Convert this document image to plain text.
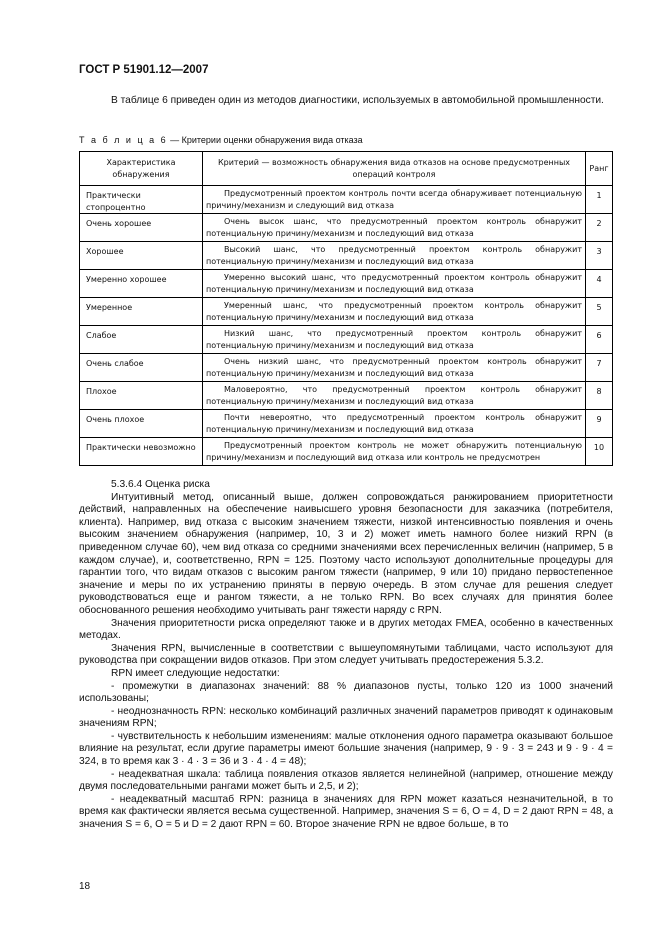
ГОСТ Р 51901.12—2007
В таблице 6 приведен один из методов диагностики, используемых в автомобильной промышленности.
Т а б л и ц а 6 — Критерии оценки обнаружения вида отказа
Характеристика обнаружения	Критерий — возможность обнаружения вида отказов на основе предусмотренных операций контроля	Ранг

Практически стопроцентно	Предусмотренный проектом контроль почти всегда обнаруживает потенциальную причину/механизм и следующий вид отказа	1

Очень хорошее	Очень высок шанс, что предусмотренный проектом контроль обнаружит потенциальную причину/механизм и последующий вид отказа	2

Хорошее	Высокий шанс, что предусмотренный проектом контроль обнаружит потенциальную причину/механизм и последующий вид отказа	3

Умеренно хорошее	Умеренно высокий шанс, что предусмотренный проектом контроль обнаружит потенциальную причину/механизм и последующий вид отказа	4

Умеренное	Умеренный шанс, что предусмотренный проектом контроль обнаружит потенциальную причину/механизм и последующий вид отказа	5

Слабое	Низкий шанс, что предусмотренный проектом контроль обнаружит потенциальную причину/механизм и последующий вид отказа	6

Очень слабое	Очень низкий шанс, что предусмотренный проектом контроль обнаружит потенциальную причину/механизм и последующий вид отказа	7

Плохое	Маловероятно, что предусмотренный проектом контроль обнаружит потенциальную причину/механизм и последующий вид отказа	8

Очень плохое	Почти невероятно, что предусмотренный проектом контроль обнаружит потенциальную причину/механизм и последующий вид отказа	9

Практически невозможно	Предусмотренный проектом контроль не может обнаружить потенциальную причину/механизм и последующий вид отказа или контроль не предусмотрен	10
5.3.6.4 Оценка риска
Интуитивный метод, описанный выше, должен сопровождаться ранжированием приоритетности действий, направленных на обеспечение наивысшего уровня безопасности для заказчика (потребителя, клиента). Например, вид отказа с высоким значением тяжести, низкой интенсивностью появления и очень высоким значением обнаружения (например, 10, 3 и 2) может иметь намного более низкий RPN (в приведенном случае 60), чем вид отказа со средними значениями всех перечисленных величин (например, 5 в каждом случае), и, соответственно, RPN = 125. Поэтому часто используют дополнительные процедуры для гарантии того, что видам отказов с высоким рангом тяжести (например, 9 или 10) придано первостепенное значение и меры по их устранению приняты в первую очередь. В этом случае для решения следует руководствоваться еще и рангом тяжести, а не только RPN. Во всех случаях для принятия более обоснованного решения необходимо учитывать ранг тяжести наряду с RPN.
Значения приоритетности риска определяют также и в других методах FMEA, особенно в качественных методах.
Значения RPN, вычисленные в соответствии с вышеупомянутыми таблицами, часто используют для руководства при сокращении видов отказов. При этом следует учитывать предостережения 5.3.2.
RPN имеет следующие недостатки:
- промежутки в диапазонах значений: 88 % диапазонов пусты, только 120 из 1000 значений использованы;
- неоднозначность RPN: несколько комбинаций различных значений параметров приводят к одинаковым значениям RPN;
- чувствительность к небольшим изменениям: малые отклонения одного параметра оказывают большое влияние на результат, если другие параметры имеют большие значения (например, 9 · 9 · 3 = 243 и 9 · 9 · 4 = 324, в то время как 3 · 4 · 3 = 36 и 3 · 4 · 4 = 48);
- неадекватная шкала: таблица появления отказов является нелинейной (например, отношение между двумя последовательными рангами может быть и 2,5, и 2);
- неадекватный масштаб RPN: разница в значениях для RPN может казаться незначительной, в то время как фактически является весьма существенной. Например, значения S = 6, O = 4, D = 2 дают RPN = 48, а значения S = 6, O = 5 и D = 2 дают RPN = 60. Второе значение RPN не вдвое больше, в то
18
